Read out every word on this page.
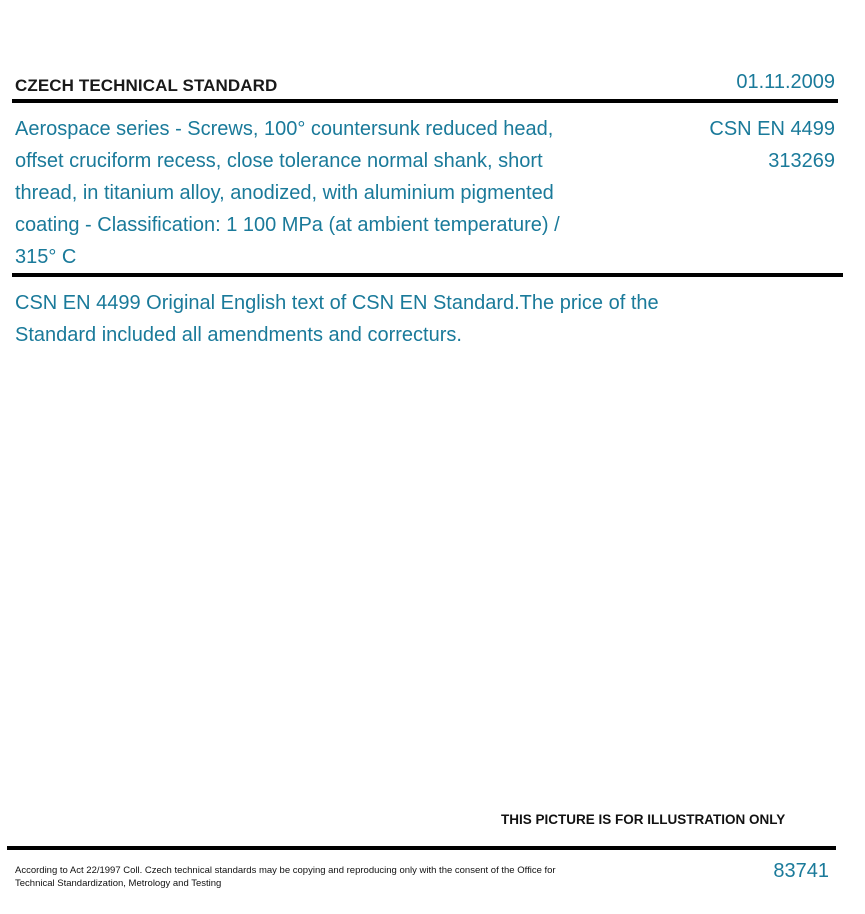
CZECH TECHNICAL STANDARD	01.11.2009
Aerospace series - Screws, 100° countersunk reduced head, offset cruciform recess, close tolerance normal shank, short thread, in titanium alloy, anodized, with aluminium pigmented coating - Classification: 1 100 MPa (at ambient temperature) / 315° C
CSN EN 4499
313269
CSN EN 4499 Original English text of CSN EN Standard.The price of the Standard included all amendments and correcturs.
THIS PICTURE IS FOR ILLUSTRATION ONLY
According to Act 22/1997 Coll. Czech technical standards may be copying and reproducing only with the consent of the Office for Technical Standardization, Metrology and Testing
83741
